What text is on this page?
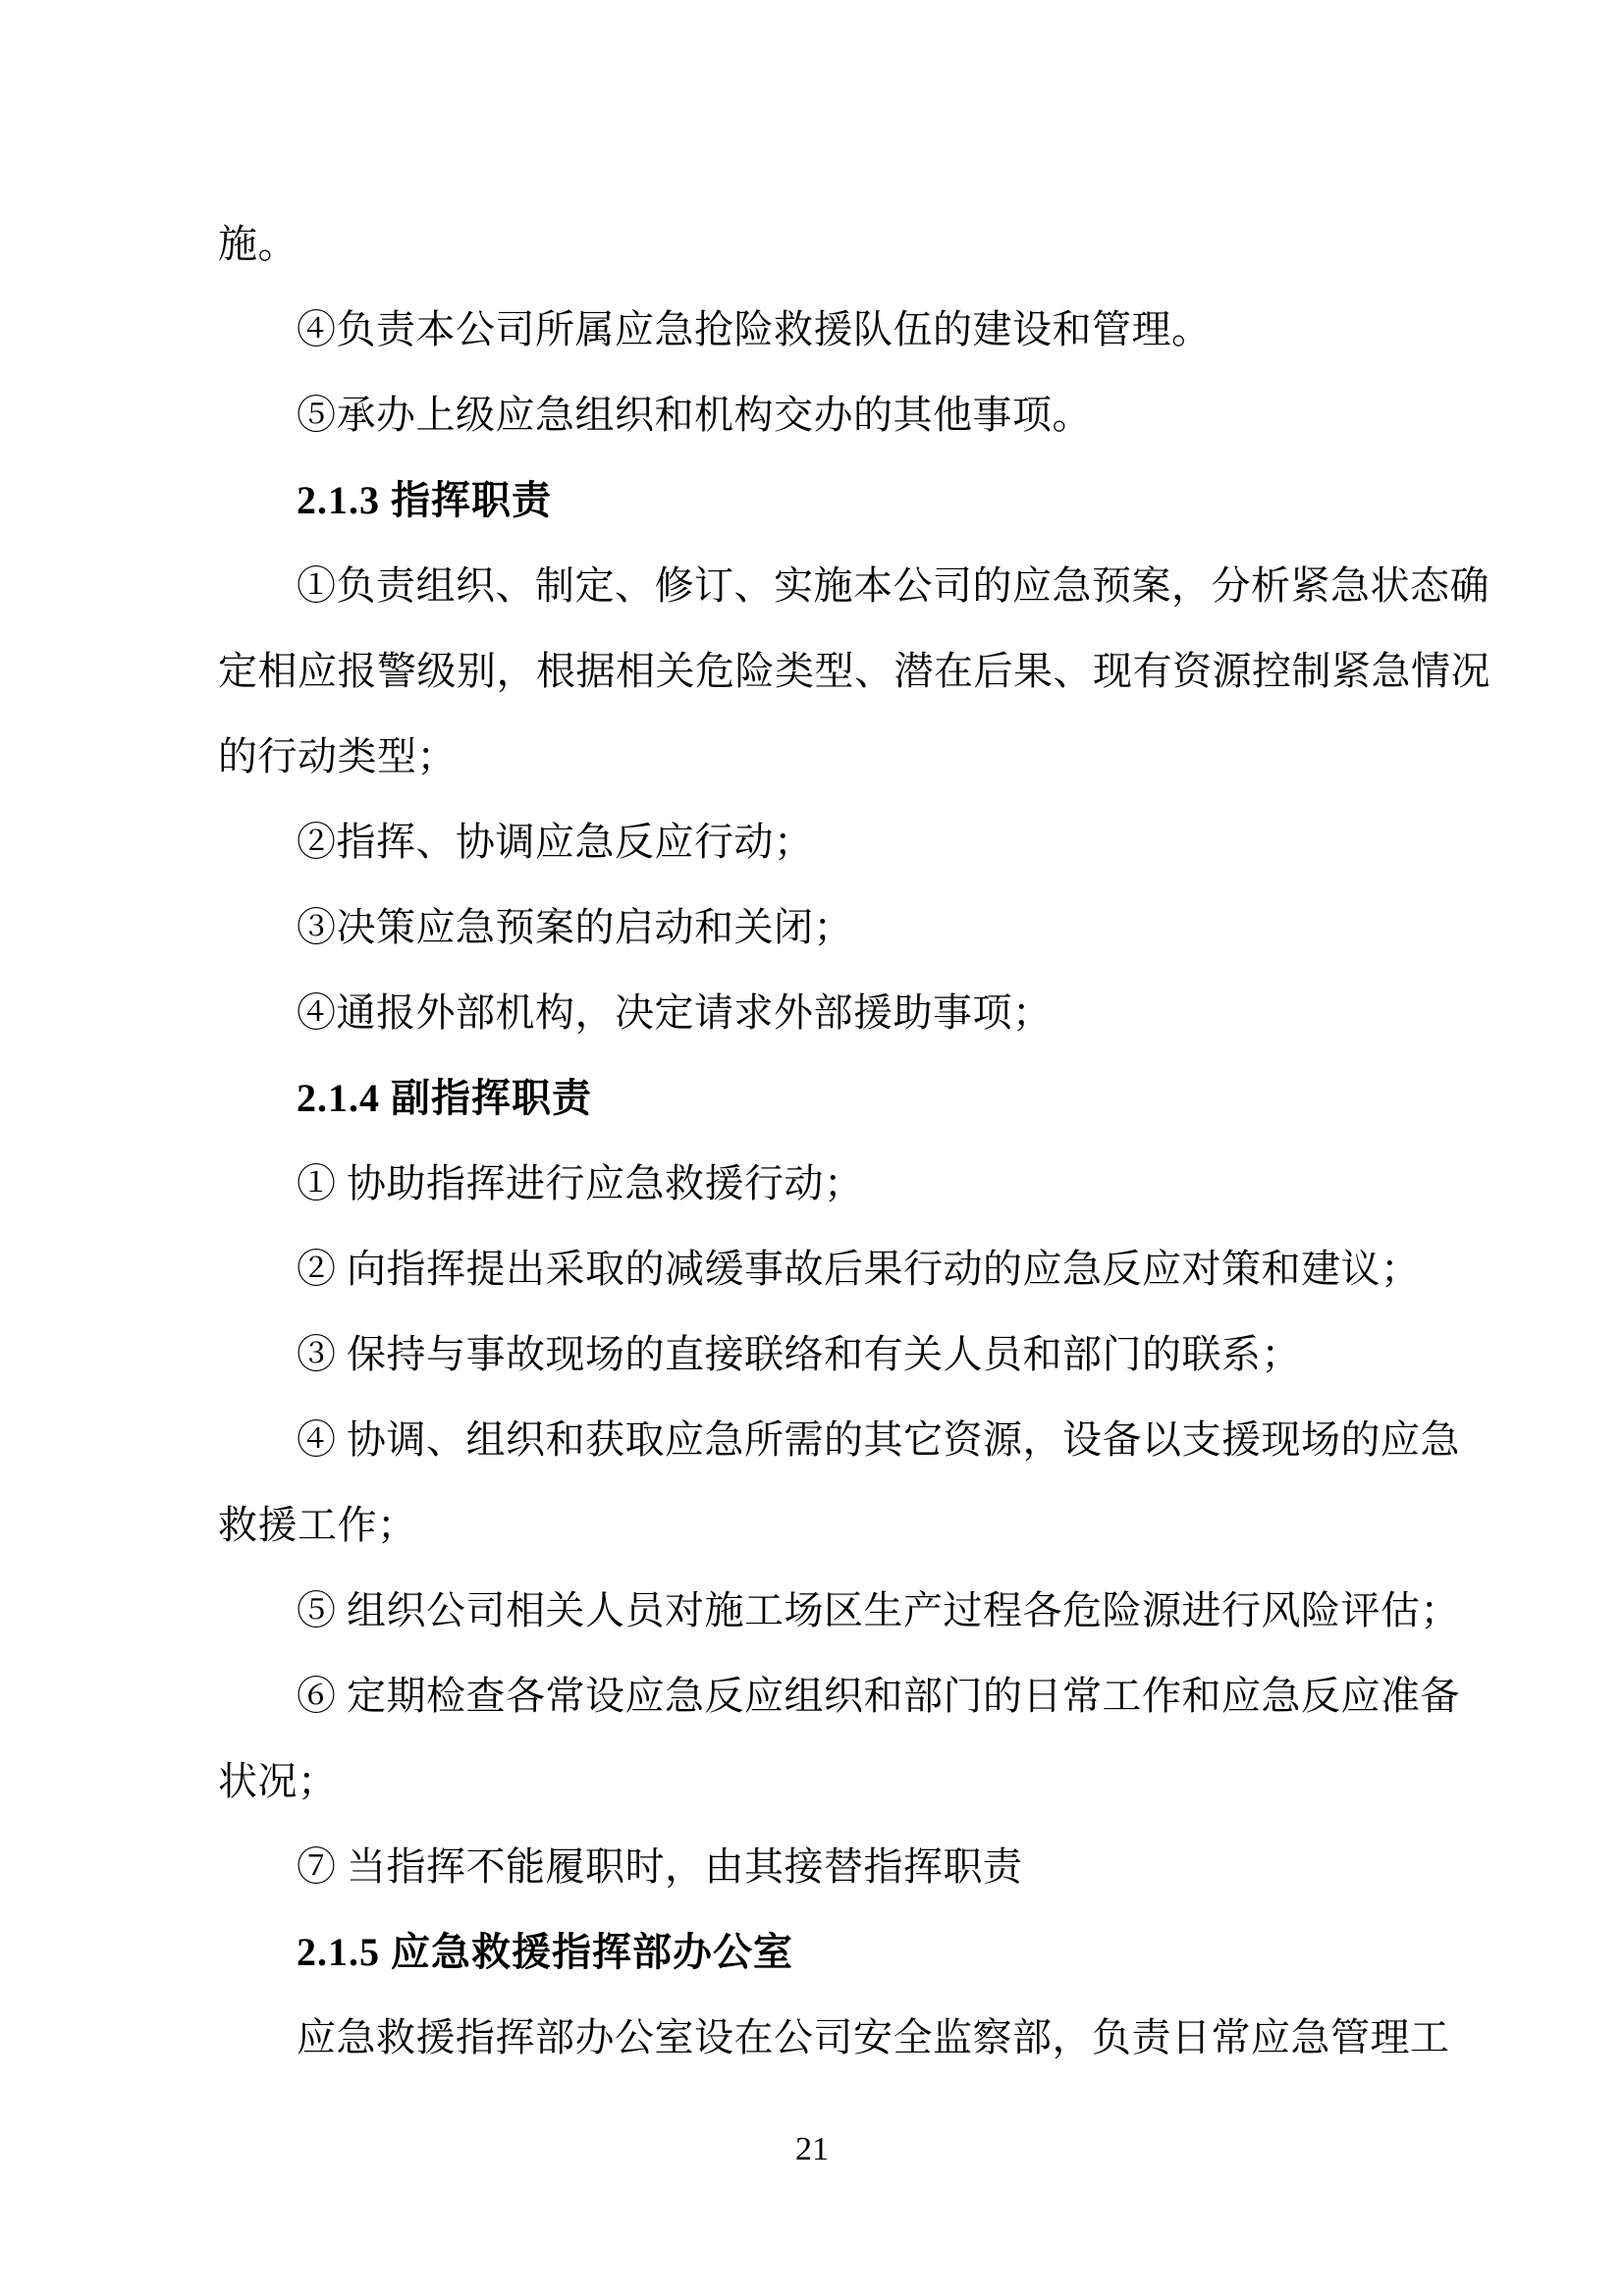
施。
④负责本公司所属应急抢险救援队伍的建设和管理。
⑤承办上级应急组织和机构交办的其他事项。
2.1.3 指挥职责
①负责组织、制定、修订、实施本公司的应急预案，分析紧急状态确
定相应报警级别，根据相关危险类型、潜在后果、现有资源控制紧急情况
的行动类型；
②指挥、协调应急反应行动；
③决策应急预案的启动和关闭；
④通报外部机构，决定请求外部援助事项；
2.1.4 副指挥职责
① 协助指挥进行应急救援行动；
② 向指挥提出采取的减缓事故后果行动的应急反应对策和建议；
③ 保持与事故现场的直接联络和有关人员和部门的联系；
④ 协调、组织和获取应急所需的其它资源，设备以支援现场的应急
救援工作；
⑤ 组织公司相关人员对施工场区生产过程各危险源进行风险评估；
⑥ 定期检查各常设应急反应组织和部门的日常工作和应急反应准备
状况；
⑦ 当指挥不能履职时，由其接替指挥职责
2.1.5 应急救援指挥部办公室
应急救援指挥部办公室设在公司安全监察部，负责日常应急管理工
21
